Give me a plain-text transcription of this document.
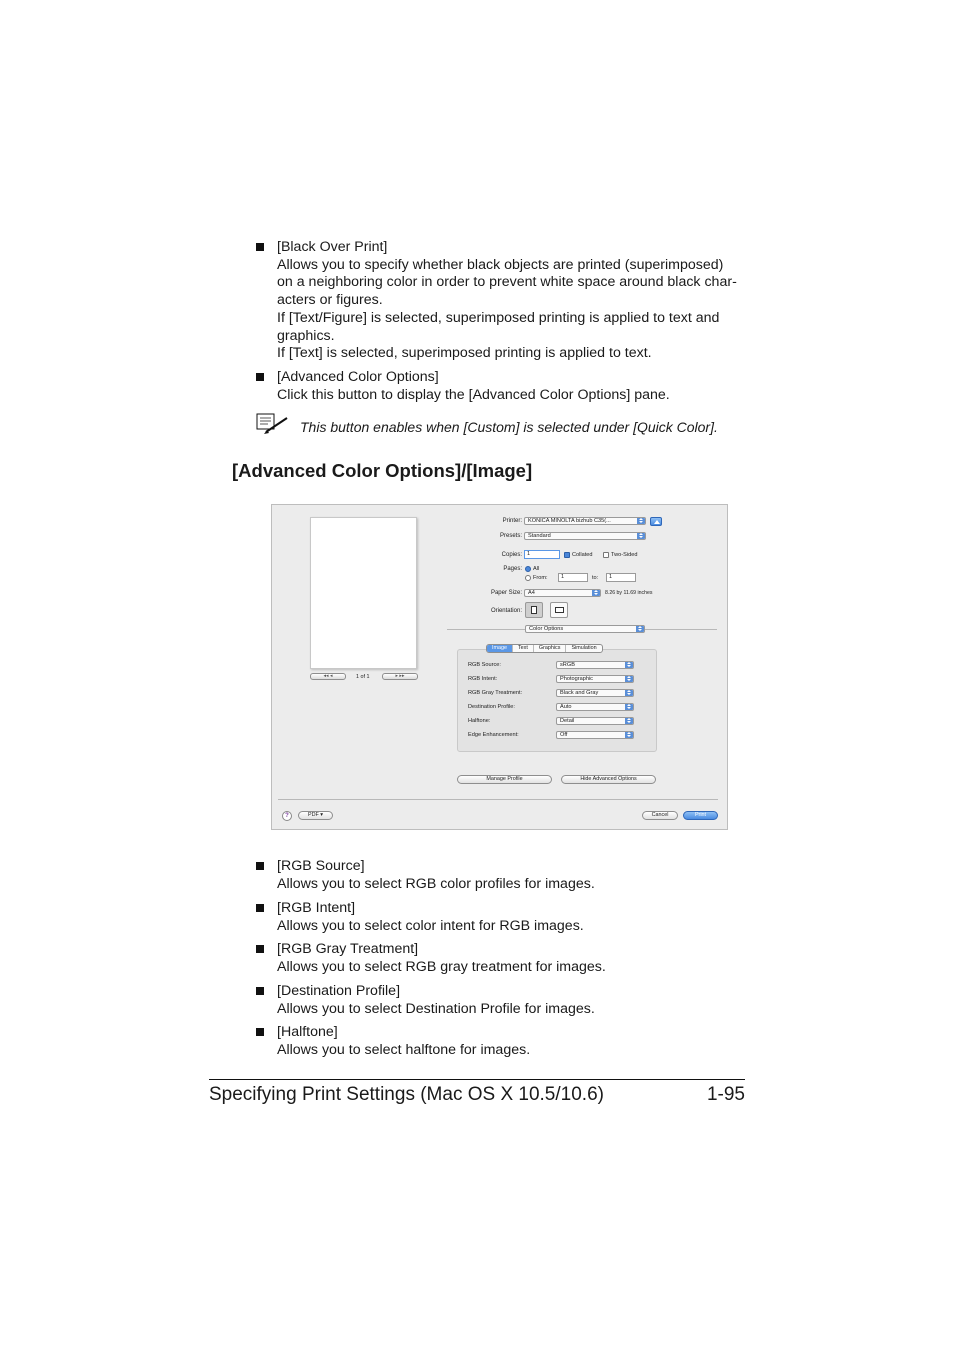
[Black Over Print]
Allows you to specify whether black objects are printed (superimposed)
on a neighboring color in order to prevent white space around black char-
acters or figures.
If [Text/Figure] is selected, superimposed printing is applied to text and
graphics.
If [Text] is selected, superimposed printing is applied to text.
[Advanced Color Options]
Click this button to display the [Advanced Color Options] pane.
This button enables when [Custom] is selected under [Quick Color].
[Advanced Color Options]/[Image]
◂◂ ◂	1 of 1	▸ ▸▸
Printer:	KONICA MINOLTA bizhub C35(...
Presets:	Standard
Copies: 1	Collated	Two-Sided
Pages: All
From:	1	to:	1
Paper Size:	A4	8.26 by 11.69 inches
Orientation:
Color Options
Image	Text	Graphics	Simulation
RGB Source:	sRGB
RGB Intent:	Photographic
RGB Gray Treatment:	Black and Gray
Destination Profile:	Auto
Halftone:	Detail
Edge Enhancement:	Off
Manage Profile	Hide Advanced Options
?	PDF ▾	Cancel	Print
[RGB Source]
Allows you to select RGB color profiles for images.
[RGB Intent]
Allows you to select color intent for RGB images.
[RGB Gray Treatment]
Allows you to select RGB gray treatment for images.
[Destination Profile]
Allows you to select Destination Profile for images.
[Halftone]
Allows you to select halftone for images.
Specifying Print Settings (Mac OS X 10.5/10.6)	1-95
